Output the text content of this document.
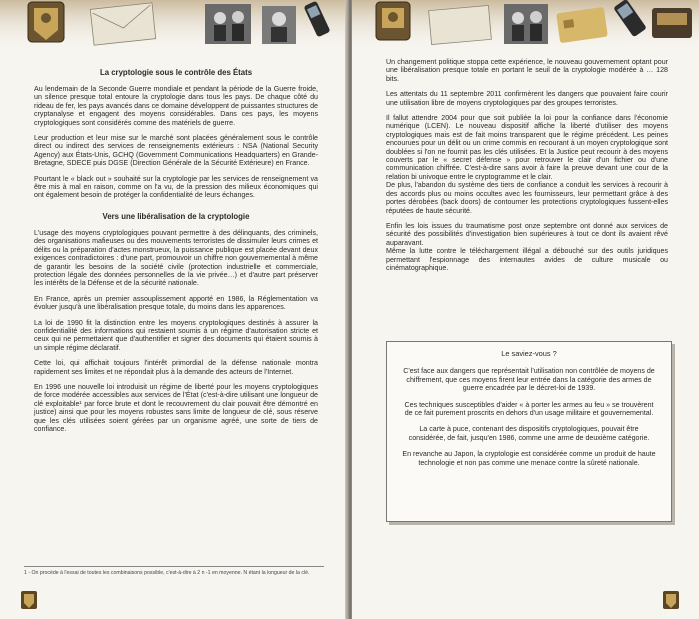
La cryptologie sous le contrôle des États

Au lendemain de la Seconde Guerre mondiale et pendant la période de la Guerre froide, un silence presque total entoure la cryptologie dans tous les pays. De chaque côté du rideau de fer, les pays avancés dans ce domaine développent de puissantes structures de cryptanalyse et engagent des moyens considérables. Dans ces pays, les moyens cryptologiques sont considérés comme des matériels de guerre.

Leur production et leur mise sur le marché sont placées généralement sous le contrôle direct ou indirect des services de renseignements extérieurs : NSA (National Security Agency) aux États-Unis, GCHQ (Government Communications Headquarters) en Grande-Bretagne, SDECE puis DGSE (Direction Générale de la Sécurité Extérieure) en France.

Pourtant le « black out » souhaité sur la cryptologie par les services de renseignement va être mis à mal en raison, comme on l'a vu, de la pression des milieux économiques qui ont également besoin de protéger la confidentialité de leurs échanges.

Vers une libéralisation de la cryptologie

L'usage des moyens cryptologiques pouvant permettre à des délinquants, des criminels, des organisations mafieuses ou des mouvements terroristes de dissimuler leurs crimes et délits ou la préparation d'actes monstrueux, la puissance publique est placée devant deux exigences contradictoires : d'une part, promouvoir un chiffre non gouvernemental à même de garantir les besoins de la société civile (protection industrielle et commerciale, protection légale des données personnelles de la vie privée…) et d'autre part préserver les intérêts de la Défense et de la sécurité nationale.

En France, après un premier assouplissement apporté en 1986, la Réglementation va évoluer jusqu'à une libéralisation presque totale, du moins dans les apparences.

La loi de 1990 fit la distinction entre les moyens cryptologiques destinés à assurer la confidentialité des informations qui restaient soumis à un régime d'autorisation stricte et ceux qui ne permettaient que d'authentifier et signer des documents qui étaient soumis à un simple régime déclaratif.

Cette loi, qui affichait toujours l'intérêt primordial de la défense nationale montra rapidement ses limites et ne répondait plus à la demande des acteurs de l'Internet.

En 1996 une nouvelle loi introduisit un régime de liberté pour les moyens cryptologiques de force modérée accessibles aux services de l'État (c'est-à-dire utilisant une longueur de clé exploitable¹ par force brute et dont le recouvrement du clair pouvait être démontré en justice) ainsi que pour les moyens robustes sans limite de longueur de clé, sous réserve que les clés utilisées soient gérées par un organisme agréé, une sorte de tiers de confiance.

1 - On procède à l'essai de toutes les combinaisons possible, c'est-à-dire à 2 n -1 en moyenne. N étant la longueur de la clé.

Un changement politique stoppa cette expérience, le nouveau gouvernement optant pour une libéralisation presque totale en portant le seuil de la cryptologie modérée à … 128 bits.

Les attentats du 11 septembre 2011 confirmèrent les dangers que pouvaient faire courir une utilisation libre de moyens cryptologiques par des groupes terroristes.

Il fallut attendre 2004 pour que soit publiée la loi pour la confiance dans l'économie numérique (LCEN). Le nouveau dispositif affiche la liberté d'utiliser des moyens cryptologiques mais est de fait moins transparent que le régime précédent. Les peines encourues pour un délit ou un crime commis en recourant à un moyen cryptologique sont doublées si l'on ne fournit pas les clés utilisées. Et la Justice peut recourir à des moyens couverts par le « secret défense » pour retrouver le clair d'un fichier ou d'une communication chiffrée. C'est-à-dire sans avoir à faire la preuve devant une cour de la relation bi univoque entre le cryptogramme et le clair.

De plus, l'abandon du système des tiers de confiance a conduit les services à recourir à des accords plus ou moins occultes avec les fournisseurs, leur permettant grâce à des portes dérobées (back doors) de contourner les protections cryptologiques fussent-elles réputées de haute sécurité.

Enfin les lois issues du traumatisme post onze septembre ont donné aux services de sécurité des possibilités d'investigation bien supérieures à tout ce dont ils avaient rêvé auparavant.

Même la lutte contre le téléchargement illégal a débouché sur des outils juridiques permettant l'espionnage des internautes avides de culture musicale ou cinématographique.

Le saviez-vous ?

C'est face aux dangers que représentait l'utilisation non contrôlée de moyens de chiffrement, que ces moyens firent leur entrée dans la catégorie des armes de guerre encadrée par le décret-loi de 1939.

Ces techniques susceptibles d'aider « à porter les armes au feu » se trouvèrent de ce fait purement proscrits en dehors d'un usage militaire et gouvernemental.

La carte à puce, contenant des dispositifs cryptologiques, pouvait être considérée, de fait, jusqu'en 1986, comme une arme de deuxième catégorie.

En revanche au Japon, la cryptologie est considérée comme un produit de haute technologie et non pas comme une menace contre la sûreté nationale.
